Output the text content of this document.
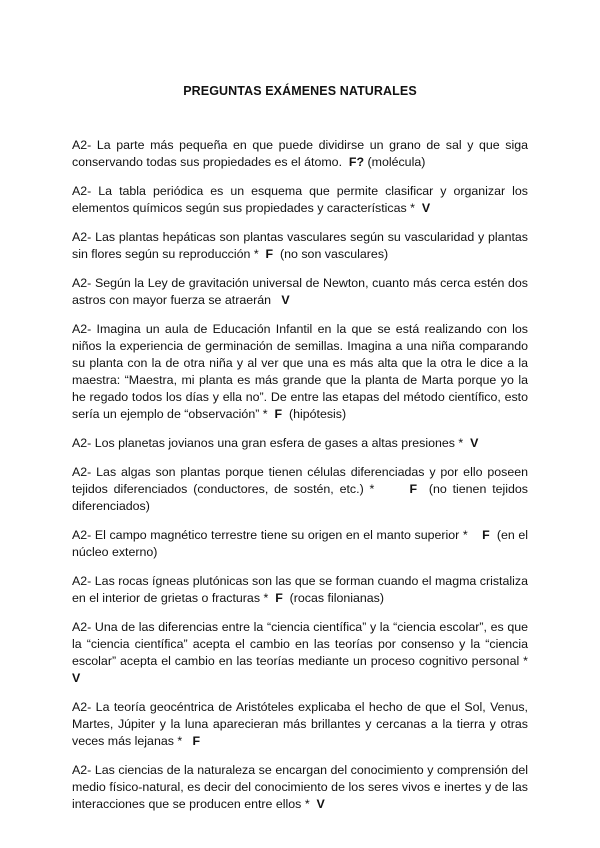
PREGUNTAS EXÁMENES NATURALES

A2- La parte más pequeña en que puede dividirse un grano de sal y que siga conservando todas sus propiedades es el átomo. F? (molécula)

A2- La tabla periódica es un esquema que permite clasificar y organizar los elementos químicos según sus propiedades y características * V

A2- Las plantas hepáticas son plantas vasculares según su vascularidad y plantas sin flores según su reproducción * F (no son vasculares)

A2- Según la Ley de gravitación universal de Newton, cuanto más cerca estén dos astros con mayor fuerza se atraerán V

A2- Imagina un aula de Educación Infantil en la que se está realizando con los niños la experiencia de germinación de semillas. Imagina a una niña comparando su planta con la de otra niña y al ver que una es más alta que la otra le dice a la maestra: “Maestra, mi planta es más grande que la planta de Marta porque yo la he regado todos los días y ella no”. De entre las etapas del método científico, esto sería un ejemplo de “observación” * F (hipótesis)

A2- Los planetas jovianos una gran esfera de gases a altas presiones * V

A2- Las algas son plantas porque tienen células diferenciadas y por ello poseen tejidos diferenciados (conductores, de sostén, etc.) *	F (no tienen tejidos diferenciados)

A2- El campo magnético terrestre tiene su origen en el manto superior * F (en el núcleo externo)

A2- Las rocas ígneas plutónicas son las que se forman cuando el magma cristaliza en el interior de grietas o fracturas * F (rocas filonianas)

A2- Una de las diferencias entre la “ciencia científica” y la “ciencia escolar”, es que la “ciencia científica” acepta el cambio en las teorías por consenso y la “ciencia escolar” acepta el cambio en las teorías mediante un proceso cognitivo personal * V

A2- La teoría geocéntrica de Aristóteles explicaba el hecho de que el Sol, Venus, Martes, Júpiter y la luna aparecieran más brillantes y cercanas a la tierra y otras veces más lejanas * F

A2- Las ciencias de la naturaleza se encargan del conocimiento y comprensión del medio físico-natural, es decir del conocimiento de los seres vivos e inertes y de las interacciones que se producen entre ellos * V
